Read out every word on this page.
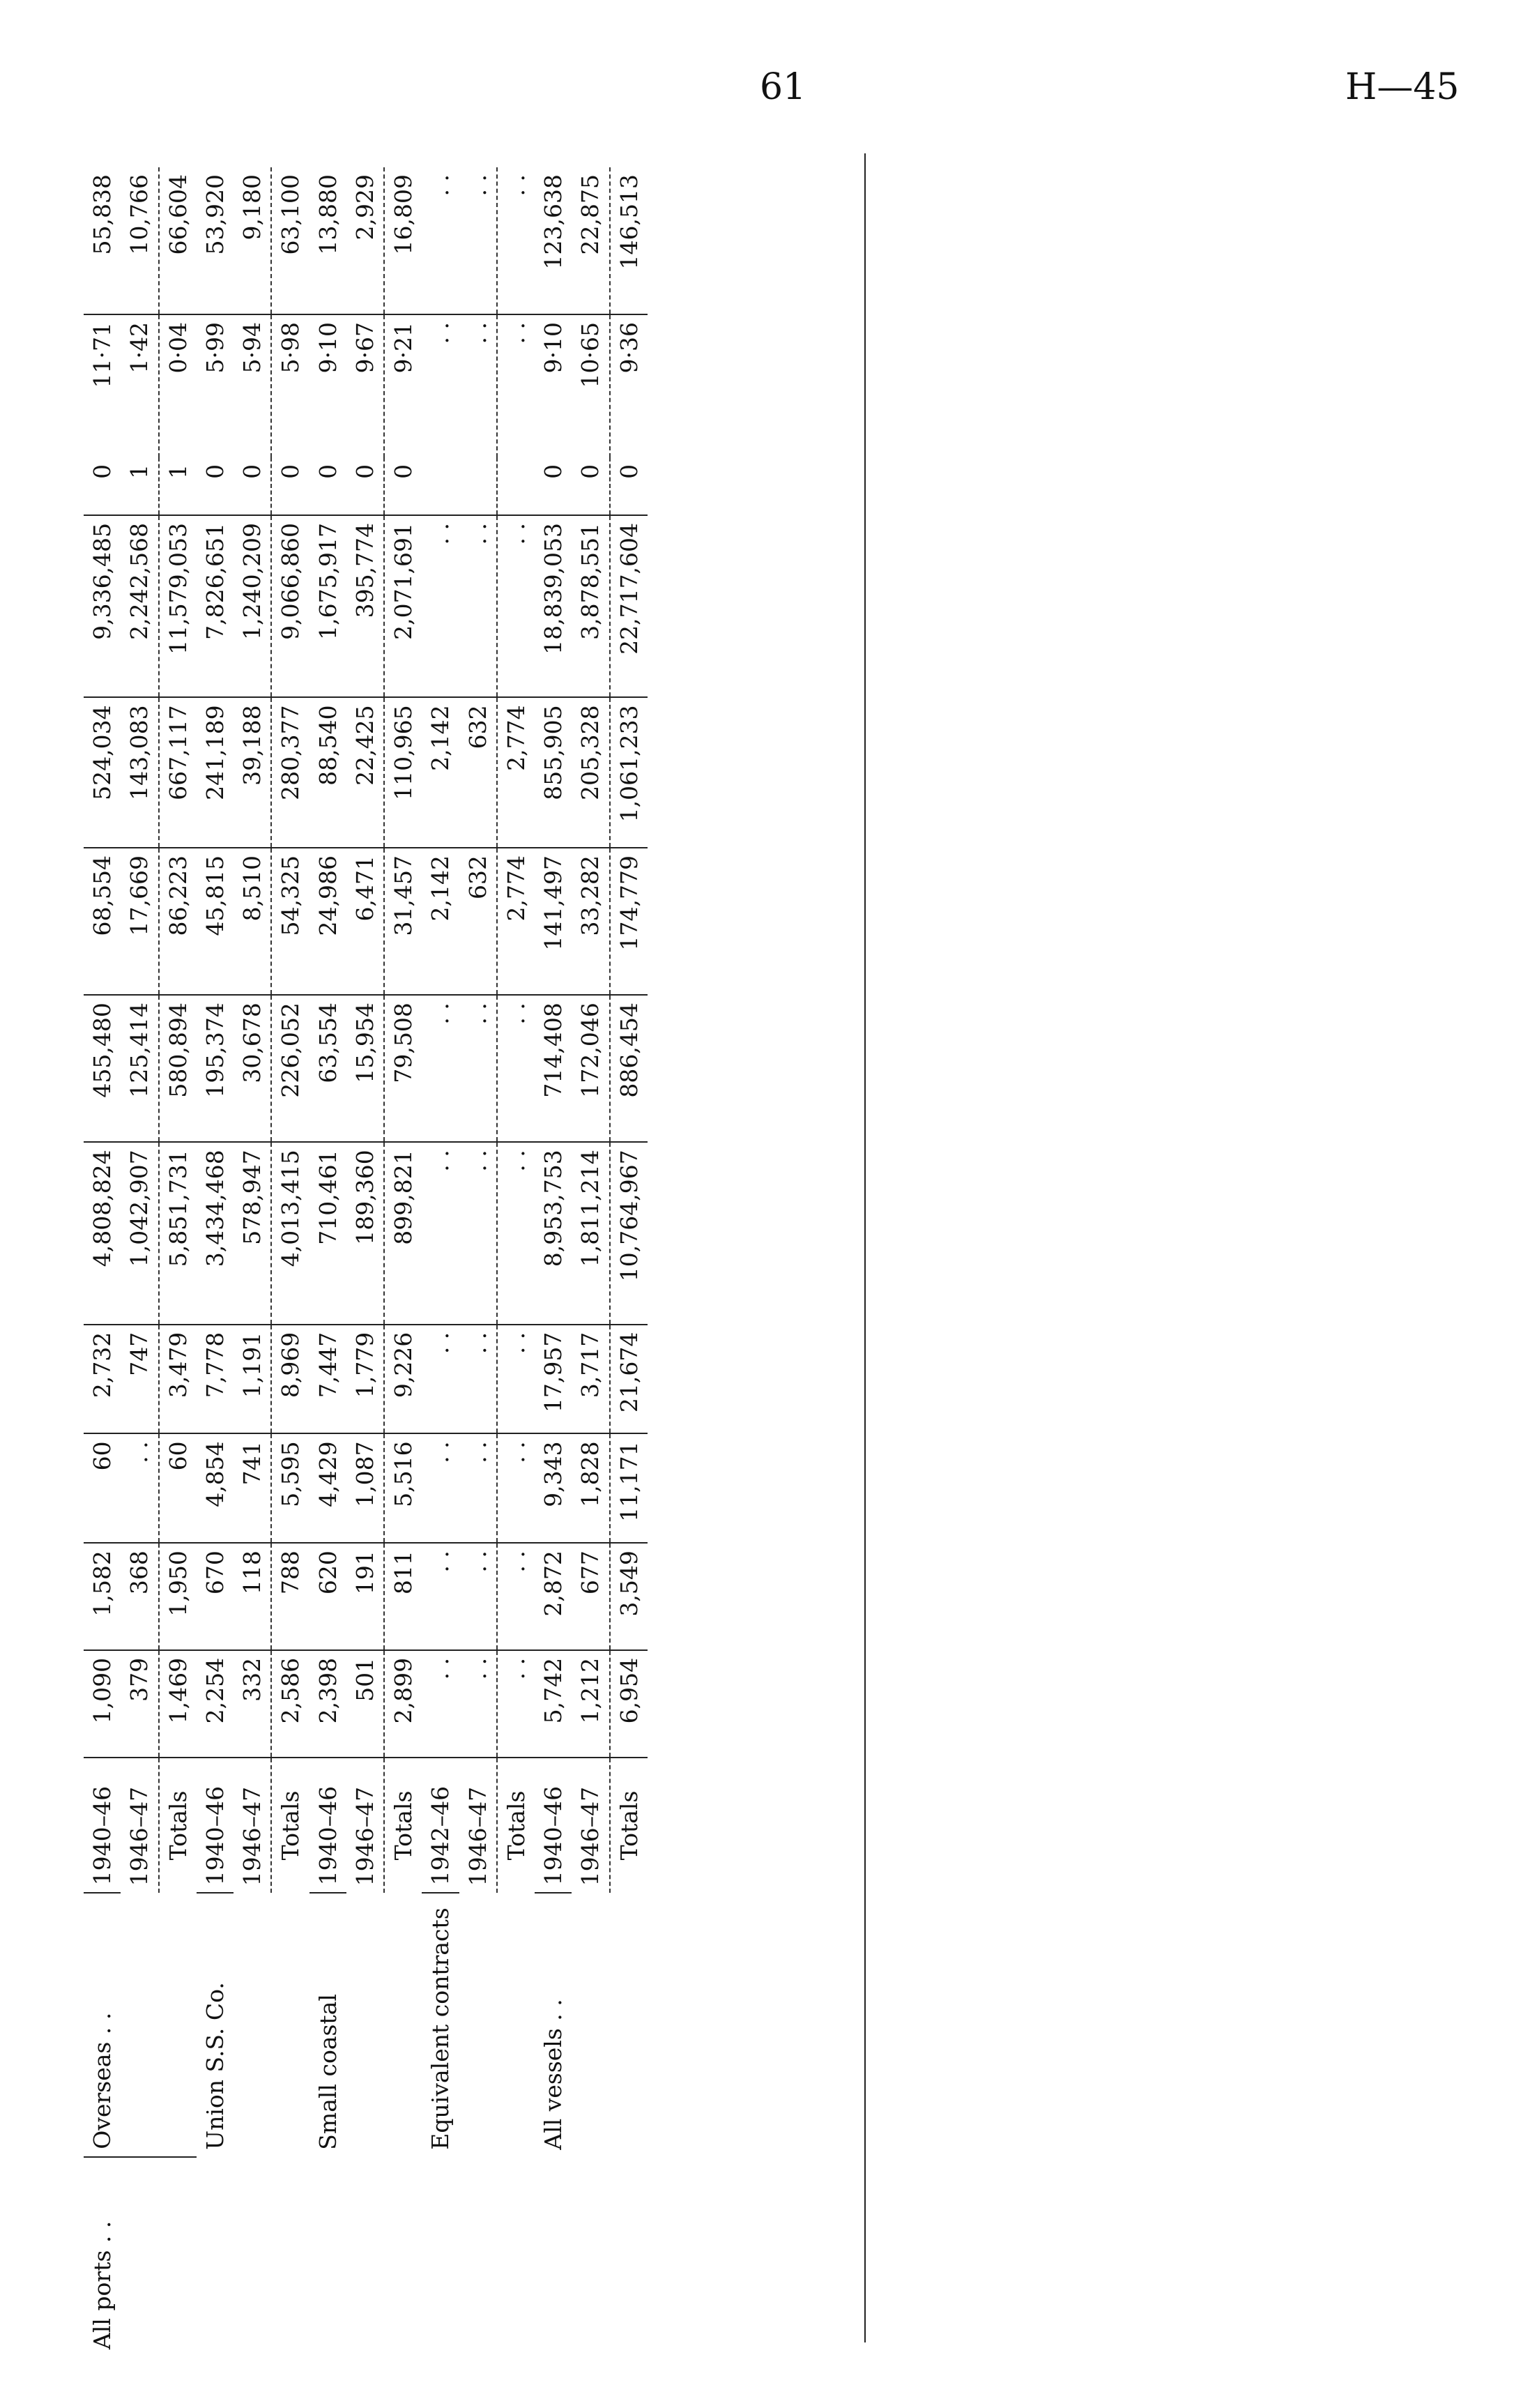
61	H—45
All ports . .	Overseas . .	1940–46	1,090	1,582	60	2,732	4,808,824	455,480	68,554	524,034	9,336,485	0	11·71	55,838
		1946–47	379	368	. .	747	1,042,907	125,414	17,669	143,083	2,242,568	1	1·42	10,766
		Totals	1,469	1,950	60	3,479	5,851,731	580,894	86,223	667,117	11,579,053	1	0·04	66,604
	Union S.S. Co.	1940–46	2,254	670	4,854	7,778	3,434,468	195,374	45,815	241,189	7,826,651	0	5·99	53,920
		1946–47	332	118	741	1,191	578,947	30,678	8,510	39,188	1,240,209	0	5·94	9,180
		Totals	2,586	788	5,595	8,969	4,013,415	226,052	54,325	280,377	9,066,860	0	5·98	63,100
	Small coastal	1940–46	2,398	620	4,429	7,447	710,461	63,554	24,986	88,540	1,675,917	0	9·10	13,880
		1946–47	501	191	1,087	1,779	189,360	15,954	6,471	22,425	395,774	0	9·67	2,929
		Totals	2,899	811	5,516	9,226	899,821	79,508	31,457	110,965	2,071,691	0	9·21	16,809
	Equivalent contracts	1942–46	. .	. .	. .	. .	. .	. .	2,142	2,142	. .		. .	. .
		1946–47	. .	. .	. .	. .	. .	. .	632	632	. .		. .	. .
		Totals	. .	. .	. .	. .	. .	. .	2,774	2,774	. .		. .	. .
	All vessels . .	1940–46	5,742	2,872	9,343	17,957	8,953,753	714,408	141,497	855,905	18,839,053	0	9·10	123,638
		1946–47	1,212	677	1,828	3,717	1,811,214	172,046	33,282	205,328	3,878,551	0	10·65	22,875
		Totals	6,954	3,549	11,171	21,674	10,764,967	886,454	174,779	1,061,233	22,717,604	0	9·36	146,513
